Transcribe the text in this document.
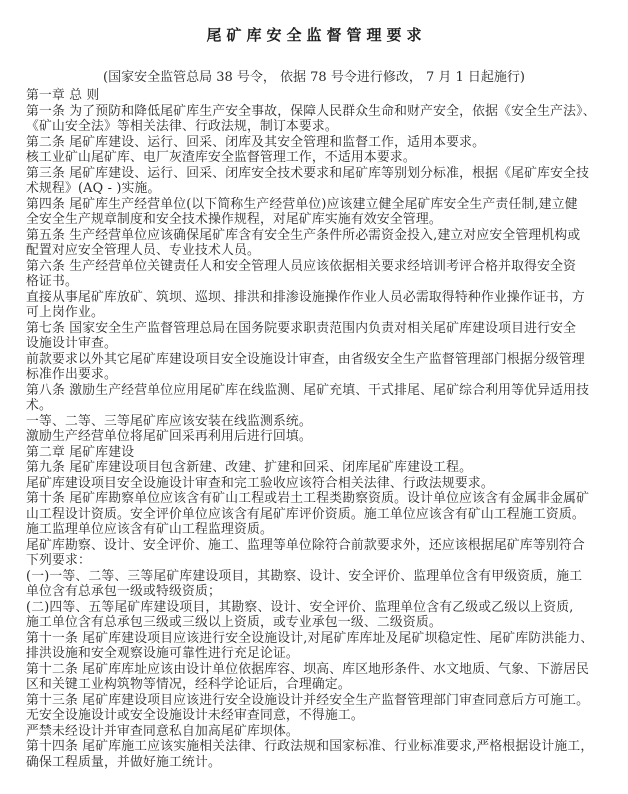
尾矿库安全监督管理要求
(国家安全监管总局 38 号令， 依据 78 号令进行修改， 7 月 1 日起施行)
第一章 总 则
第一条 为了预防和降低尾矿库生产安全事故，保障人民群众生命和财产安全，依据《安全生产法》、
《矿山安全法》等相关法律、行政法规，制订本要求。
第二条 尾矿库建设、运行、回采、闭库及其安全管理和监督工作，适用本要求。
核工业矿山尾矿库、电厂灰渣库安全监督管理工作，不适用本要求。
第三条 尾矿库建设、运行、回采、闭库安全技术要求和尾矿库等别划分标准，根据《尾矿库安全技
术规程》(AQ - )实施。
第四条 尾矿库生产经营单位(以下简称生产经营单位)应该建立健全尾矿库安全生产责任制,建立健
全安全生产规章制度和安全技术操作规程，对尾矿库实施有效安全管理。
第五条 生产经营单位应该确保尾矿库含有安全生产条件所必需资金投入,建立对应安全管理机构或
配置对应安全管理人员、专业技术人员。
第六条 生产经营单位关键责任人和安全管理人员应该依据相关要求经培训考评合格并取得安全资
格证书。
直接从事尾矿库放矿、筑坝、巡坝、排洪和排渗设施操作作业人员必需取得特种作业操作证书，方
可上岗作业。
第七条 国家安全生产监督管理总局在国务院要求职责范围内负责对相关尾矿库建设项目进行安全
设施设计审查。
前款要求以外其它尾矿库建设项目安全设施设计审查，由省级安全生产监督管理部门根据分级管理
标准作出要求。
第八条 激励生产经营单位应用尾矿库在线监测、尾矿充填、干式排尾、尾矿综合利用等优异适用技
术。
一等、二等、三等尾矿库应该安装在线监测系统。
激励生产经营单位将尾矿回采再利用后进行回填。
第二章 尾矿库建设
第九条 尾矿库建设项目包含新建、改建、扩建和回采、闭库尾矿库建设工程。
尾矿库建设项目安全设施设计审查和完工验收应该符合相关法律、行政法规要求。
第十条 尾矿库勘察单位应该含有矿山工程或岩土工程类勘察资质。设计单位应该含有金属非金属矿
山工程设计资质。安全评价单位应该含有尾矿库评价资质。施工单位应该含有矿山工程施工资质。
施工监理单位应该含有矿山工程监理资质。
尾矿库勘察、设计、安全评价、施工、监理等单位除符合前款要求外，还应该根据尾矿库等别符合
下列要求：
(一)一等、二等、三等尾矿库建设项目，其勘察、设计、安全评价、监理单位含有甲级资质，施工
单位含有总承包一级或特级资质；
(二)四等、五等尾矿库建设项目，其勘察、设计、安全评价、监理单位含有乙级或乙级以上资质,
施工单位含有总承包三级或三级以上资质，或专业承包一级、二级资质。
第十一条 尾矿库建设项目应该进行安全设施设计,对尾矿库库址及尾矿坝稳定性、尾矿库防洪能力、
排洪设施和安全观察设施可靠性进行充足论证。
第十二条 尾矿库库址应该由设计单位依据库容、坝高、库区地形条件、水文地质、气象、下游居民
区和关键工业构筑物等情况，经科学论证后，合理确定。
第十三条 尾矿库建设项目应该进行安全设施设计并经安全生产监督管理部门审查同意后方可施工。
无安全设施设计或安全设施设计未经审查同意，不得施工。
严禁未经设计并审查同意私自加高尾矿库坝体。
第十四条 尾矿库施工应该实施相关法律、行政法规和国家标准、行业标准要求,严格根据设计施工，
确保工程质量，并做好施工统计。
